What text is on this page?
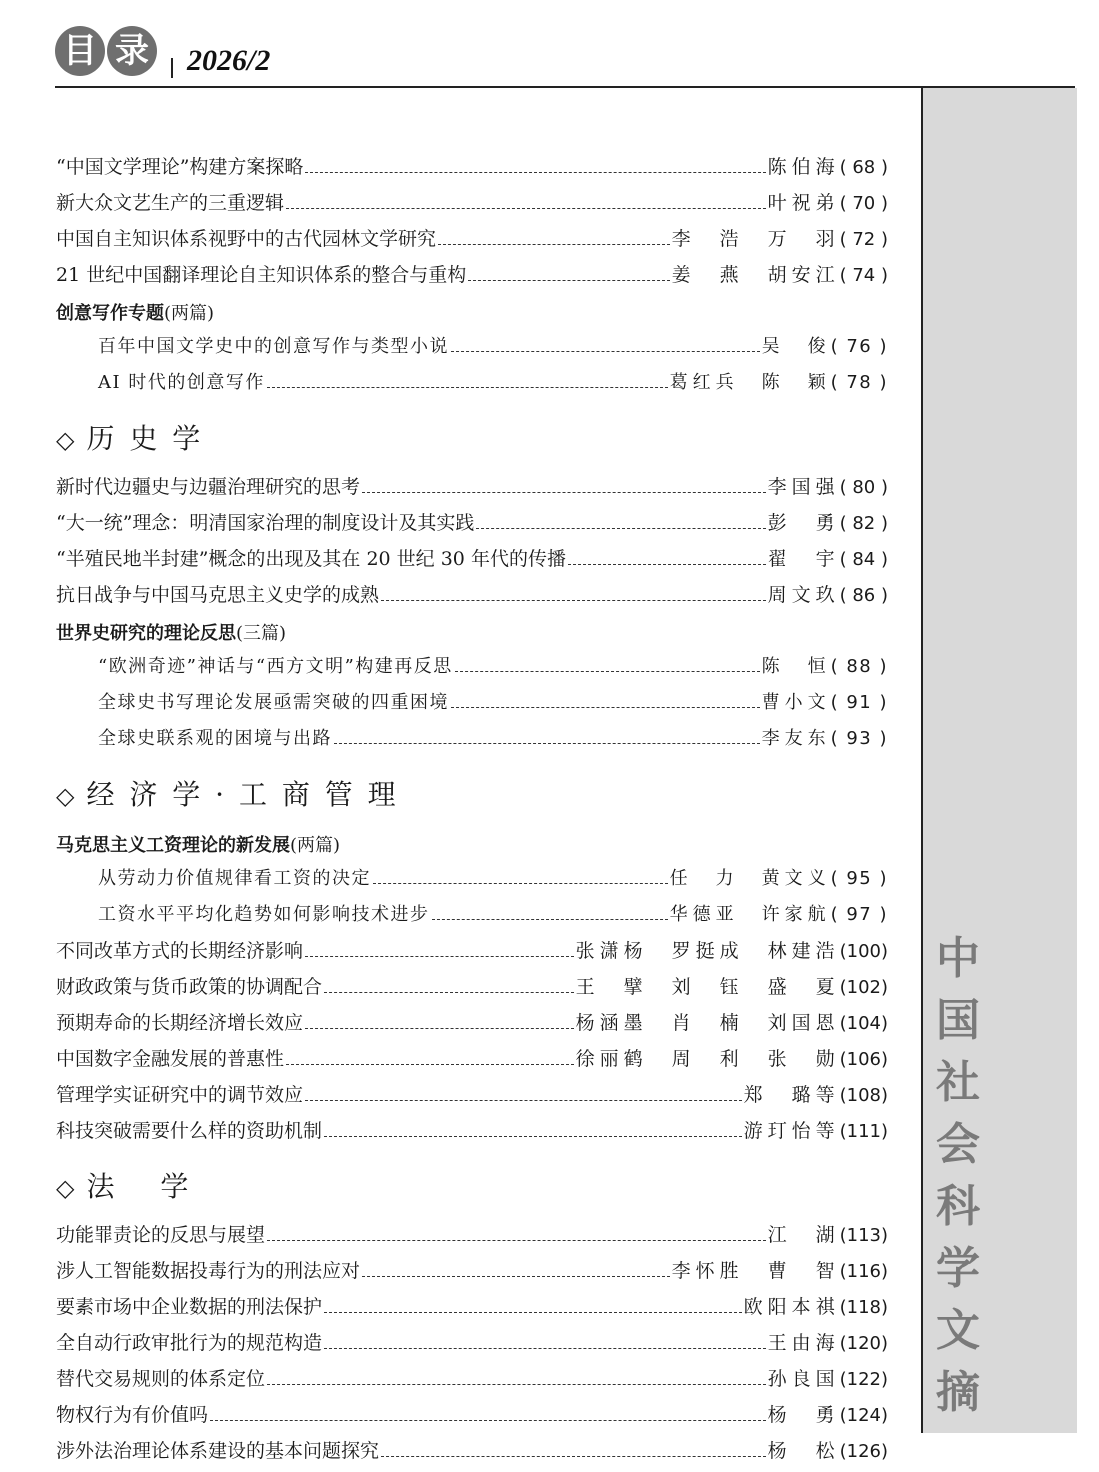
目 录 2026/2
中国社会科学文摘
“中国文学理论”构建方案探略	陈伯海 ( 68 )
新大众文艺生产的三重逻辑	叶祝弟 ( 70 )
中国自主知识体系视野中的古代园林文学研究	李　浩　万　羽 ( 72 )
21 世纪中国翻译理论自主知识体系的整合与重构	姜　燕　胡安江 ( 74 )
创意写作专题(两篇)
百年中国文学史中的创意写作与类型小说	吴　俊 ( 76 )
AI 时代的创意写作	葛红兵　陈　颖 ( 78 )
◇ 历 史 学
新时代边疆史与边疆治理研究的思考	李国强 ( 80 )
“大一统”理念：明清国家治理的制度设计及其实践	彭　勇 ( 82 )
“半殖民地半封建”概念的出现及其在 20 世纪 30 年代的传播	翟　宇 ( 84 )
抗日战争与中国马克思主义史学的成熟	周文玖 ( 86 )
世界史研究的理论反思(三篇)
“欧洲奇迹”神话与“西方文明”构建再反思	陈　恒 ( 88 )
全球史书写理论发展亟需突破的四重困境	曹小文 ( 91 )
全球史联系观的困境与出路	李友东 ( 93 )
◇ 经 济 学 · 工 商 管 理
马克思主义工资理论的新发展(两篇)
从劳动力价值规律看工资的决定	任　力　黄文义 ( 95 )
工资水平平均化趋势如何影响技术进步	华德亚　许家航 ( 97 )
不同改革方式的长期经济影响	张潇杨　罗挺成　林建浩 (100)
财政政策与货币政策的协调配合	王　擘　刘　钰　盛　夏 (102)
预期寿命的长期经济增长效应	杨涵墨　肖　楠　刘国恩 (104)
中国数字金融发展的普惠性	徐丽鹤　周　利　张　勋 (106)
管理学实证研究中的调节效应	郑　璐等 (108)
科技突破需要什么样的资助机制	游玎怡等 (111)
◇ 法　 学
功能罪责论的反思与展望	江　湖 (113)
涉人工智能数据投毒行为的刑法应对	李怀胜　曹　智 (116)
要素市场中企业数据的刑法保护	欧阳本祺 (118)
全自动行政审批行为的规范构造	王由海 (120)
替代交易规则的体系定位	孙良国 (122)
物权行为有价值吗	杨　勇 (124)
涉外法治理论体系建设的基本问题探究	杨　松 (126)
